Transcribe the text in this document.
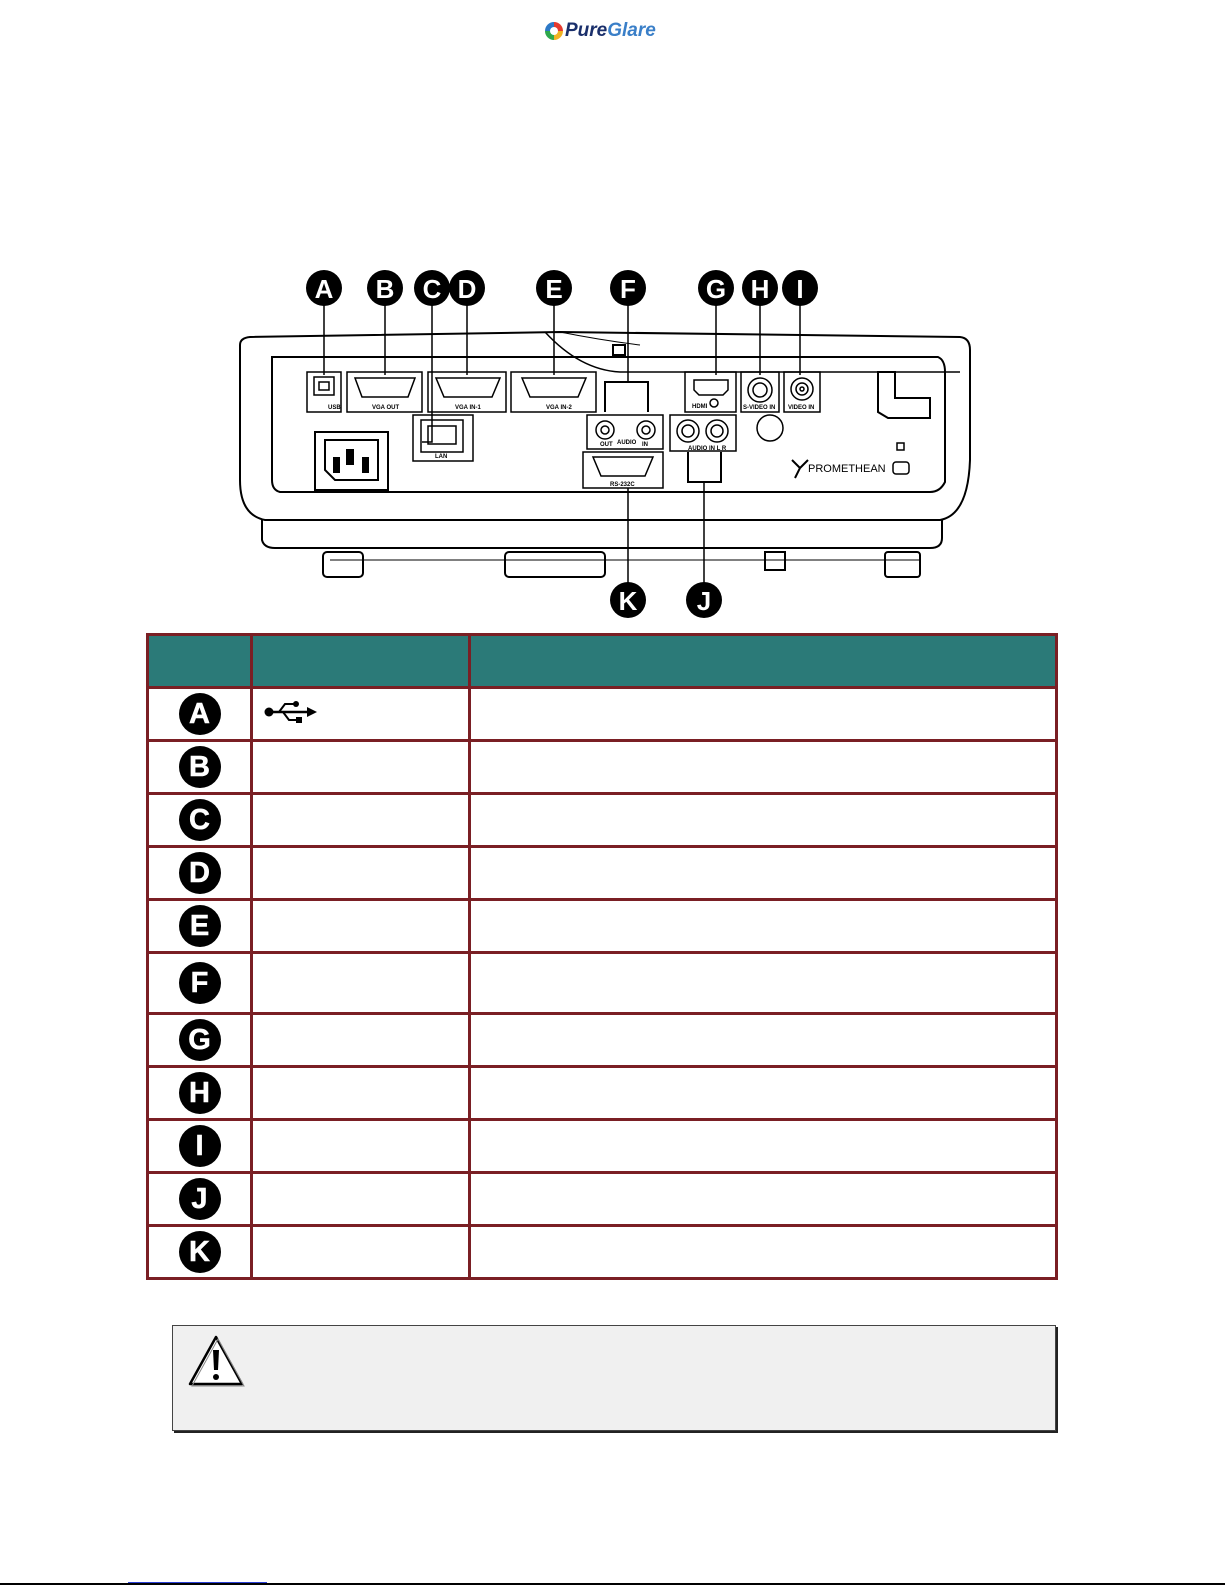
Pure Glare
USB	VGA OUT	VGA IN-1	VGA IN-2
LAN
OUT AUDIO IN
RS-232C
HDMI	S-VIDEO IN VIDEO IN
AUDIO IN L R
PROMETHEAN
A B C D	E F	G H I
J
K

A

B		

C		

D		

E		

F		

G		

H		

I		

J		

K		
